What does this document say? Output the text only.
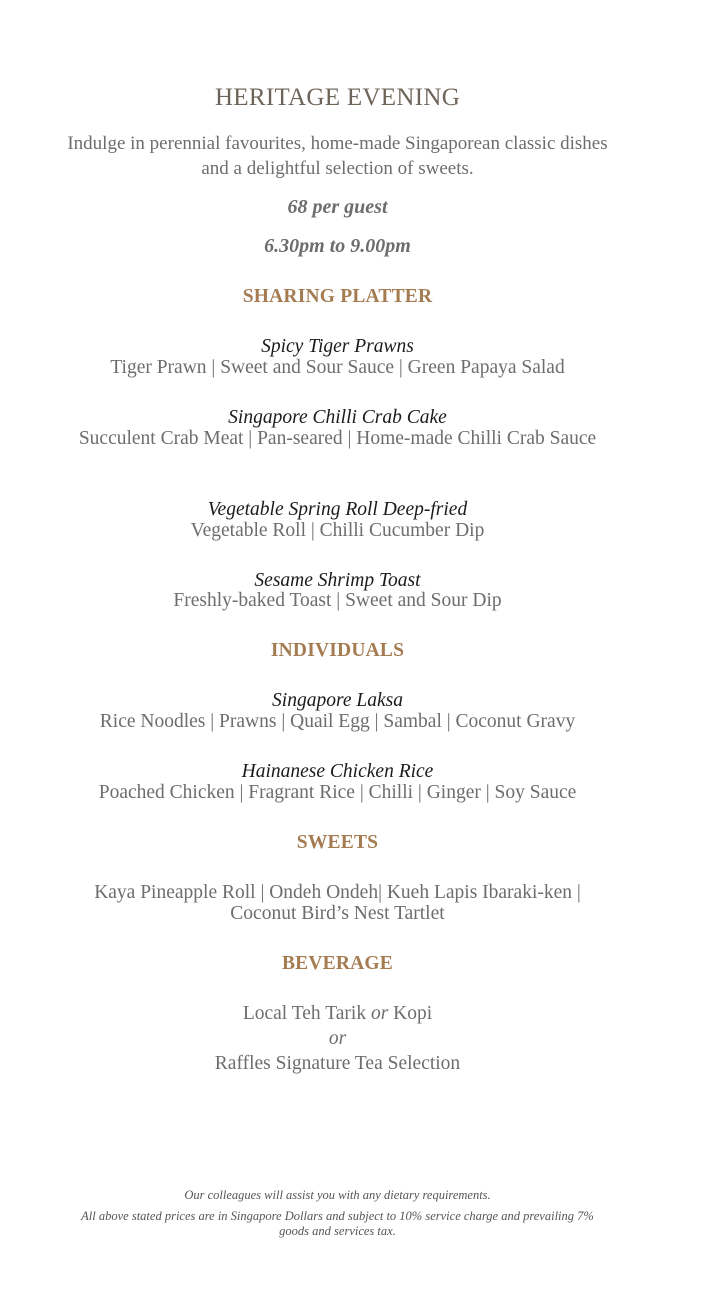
HERITAGE EVENING
Indulge in perennial favourites, home-made Singaporean classic dishes and a delightful selection of sweets.
68 per guest
6.30pm to 9.00pm
SHARING PLATTER
Spicy Tiger Prawns
Tiger Prawn | Sweet and Sour Sauce | Green Papaya Salad
Singapore Chilli Crab Cake
Succulent Crab Meat | Pan-seared | Home-made Chilli Crab Sauce
Vegetable Spring Roll Deep-fried
Vegetable Roll | Chilli Cucumber Dip
Sesame Shrimp Toast
Freshly-baked Toast | Sweet and Sour Dip
INDIVIDUALS
Singapore Laksa
Rice Noodles | Prawns | Quail Egg | Sambal | Coconut Gravy
Hainanese Chicken Rice
Poached Chicken | Fragrant Rice | Chilli | Ginger | Soy Sauce
SWEETS
Kaya Pineapple Roll | Ondeh Ondeh| Kueh Lapis Ibaraki-ken | Coconut Bird’s Nest Tartlet
BEVERAGE
Local Teh Tarik or Kopi
or
Raffles Signature Tea Selection
Our colleagues will assist you with any dietary requirements.
All above stated prices are in Singapore Dollars and subject to 10% service charge and prevailing 7% goods and services tax.
